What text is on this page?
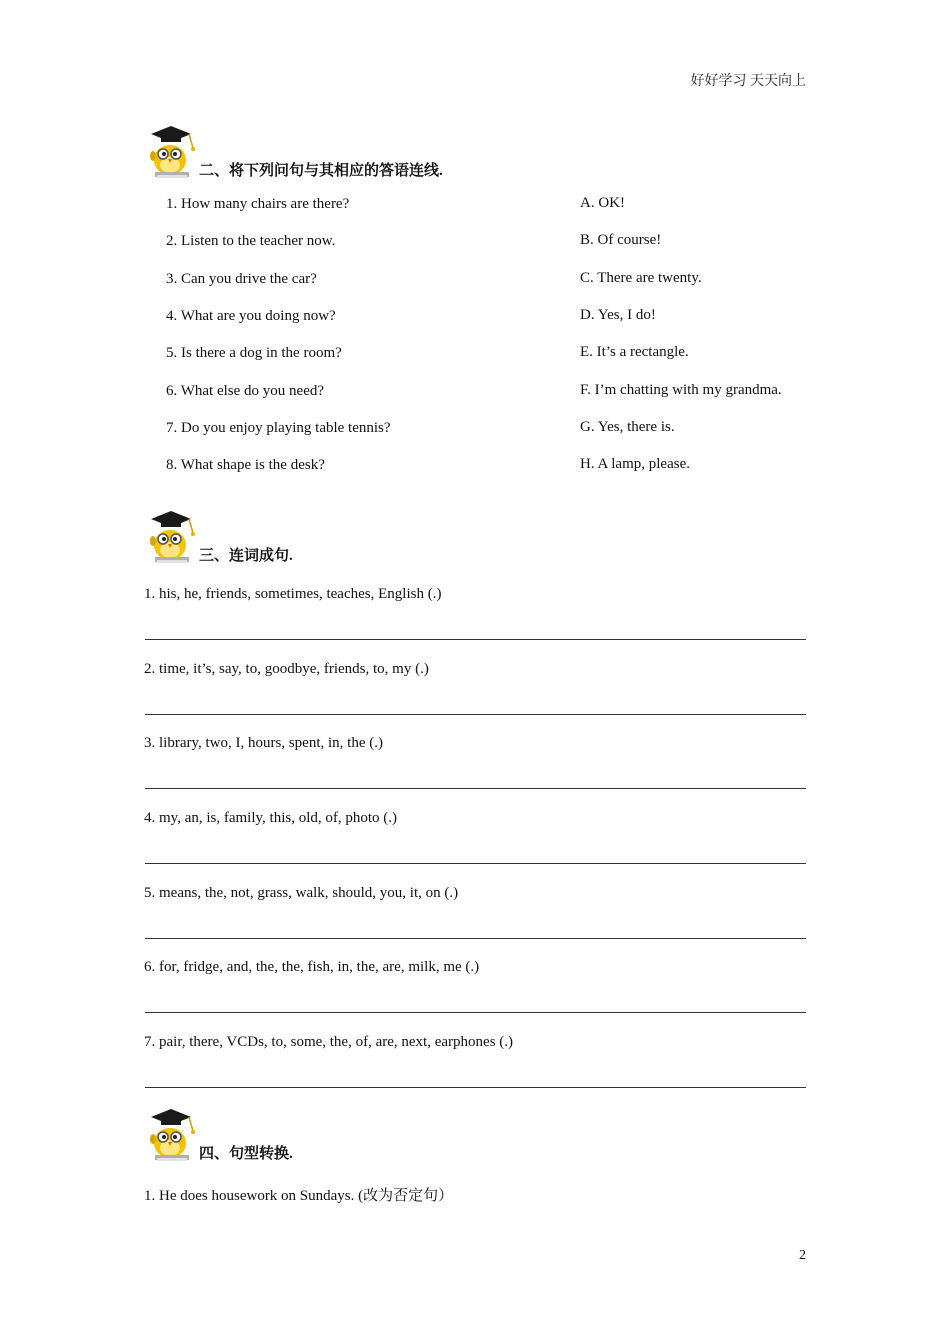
好好学习 天天向上
二、将下列问句与其相应的答语连线.
1. How many chairs are there?
2. Listen to the teacher now.
3. Can you drive the car?
4. What are you doing now?
5. Is there a dog in the room?
6. What else do you need?
7. Do you enjoy playing table tennis?
8. What shape is the desk?
A. OK!
B. Of course!
C. There are twenty.
D. Yes, I do!
E. It’s a rectangle.
F. I’m chatting with my grandma.
G. Yes, there is.
H. A lamp, please.
三、连词成句.
1. his, he, friends, sometimes, teaches, English (.)
2. time, it’s, say, to, goodbye, friends, to, my (.)
3. library, two, I, hours, spent, in, the (.)
4. my, an, is, family, this, old, of, photo (.)
5. means, the, not, grass, walk, should, you, it, on (.)
6. for, fridge, and, the, the, fish, in, the, are, milk, me (.)
7. pair, there, VCDs, to, some, the, of, are, next, earphones (.)
四、句型转换.
1. He does housework on Sundays. (改为否定句）
2
